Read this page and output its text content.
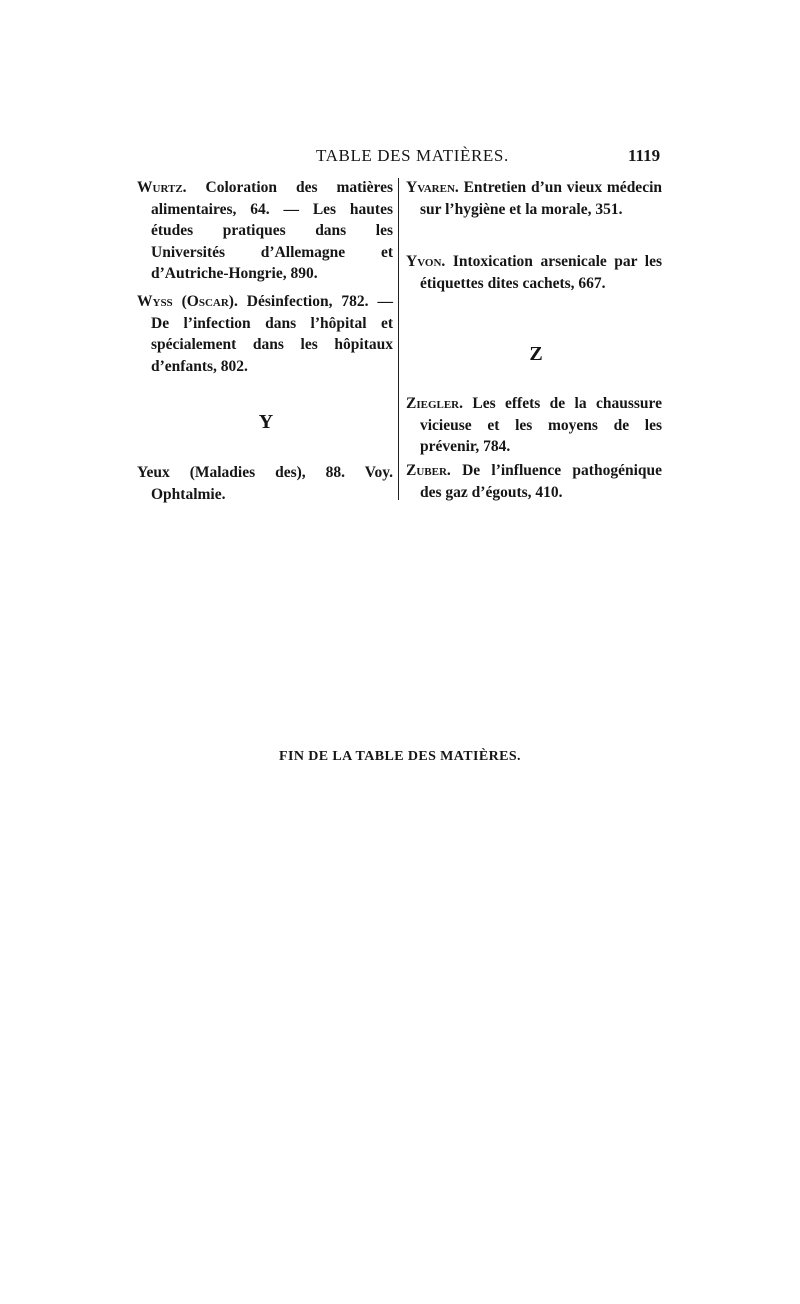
TABLE DES MATIÈRES.	1119
Wurtz. Coloration des matières alimentaires, 64. — Les hautes études pratiques dans les Universités d’Allemagne et d’Autriche-Hongrie, 890.
Wyss (Oscar). Désinfection, 782. — De l’infection dans l’hôpital et spécialement dans les hôpitaux d’enfants, 802.
Y
Yeux (Maladies des), 88. Voy. Ophtalmie.
Yvaren. Entretien d’un vieux médecin sur l’hygiène et la morale, 351.
Yvon. Intoxication arsenicale par les étiquettes dites cachets, 667.
Z
Ziegler. Les effets de la chaussure vicieuse et les moyens de les prévenir, 784.
Zuber. De l’influence pathogénique des gaz d’égouts, 410.
FIN DE LA TABLE DES MATIÈRES.
